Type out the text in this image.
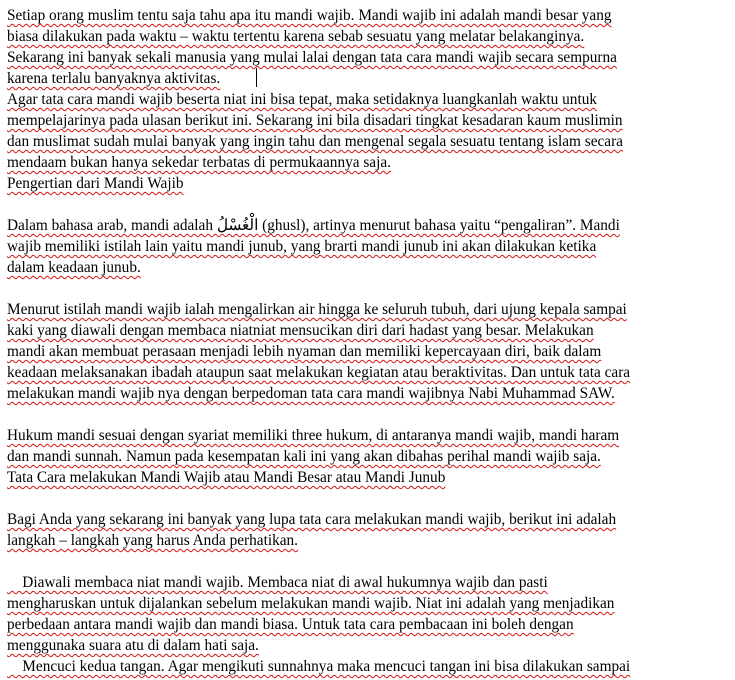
Setiap orang muslim tentu saja tahu apa itu mandi wajib. Mandi wajib ini adalah mandi besar yang
biasa dilakukan pada waktu – waktu tertentu karena sebab sesuatu yang melatar belakanginya.
Sekarang ini banyak sekali manusia yang mulai lalai dengan tata cara mandi wajib secara sempurna
karena terlalu banyaknya aktivitas.
Agar tata cara mandi wajib beserta niat ini bisa tepat, maka setidaknya luangkanlah waktu untuk
mempelajarinya pada ulasan berikut ini. Sekarang ini bila disadari tingkat kesadaran kaum muslimin
dan muslimat sudah mulai banyak yang ingin tahu dan mengenal segala sesuatu tentang islam secara
mendaam bukan hanya sekedar terbatas di permukaannya saja.
Pengertian dari Mandi Wajib
Dalam bahasa arab, mandi adalah الْغُسْلُ (ghusl), artinya menurut bahasa yaitu “pengaliran”. Mandi
wajib memiliki istilah lain yaitu mandi junub, yang brarti mandi junub ini akan dilakukan ketika
dalam keadaan junub.
Menurut istilah mandi wajib ialah mengalirkan air hingga ke seluruh tubuh, dari ujung kepala sampai
kaki yang diawali dengan membaca niatniat mensucikan diri dari hadast yang besar. Melakukan
mandi akan membuat perasaan menjadi lebih nyaman dan memiliki kepercayaan diri, baik dalam
keadaan melaksanakan ibadah ataupun saat melakukan kegiatan atau beraktivitas. Dan untuk tata cara
melakukan mandi wajib nya dengan berpedoman tata cara mandi wajibnya Nabi Muhammad SAW.
Hukum mandi sesuai dengan syariat memiliki three hukum, di antaranya mandi wajib, mandi haram
dan mandi sunnah. Namun pada kesempatan kali ini yang akan dibahas perihal mandi wajib saja.
Tata Cara melakukan Mandi Wajib atau Mandi Besar atau Mandi Junub
Bagi Anda yang sekarang ini banyak yang lupa tata cara melakukan mandi wajib, berikut ini adalah
langkah – langkah yang harus Anda perhatikan.
Diawali membaca niat mandi wajib. Membaca niat di awal hukumnya wajib dan pasti
mengharuskan untuk dijalankan sebelum melakukan mandi wajib. Niat ini adalah yang menjadikan
perbedaan antara mandi wajib dan mandi biasa. Untuk tata cara pembacaan ini boleh dengan
menggunaka suara atu di dalam hati saja.
Mencuci kedua tangan. Agar mengikuti sunnahnya maka mencuci tangan ini bisa dilakukan sampai
